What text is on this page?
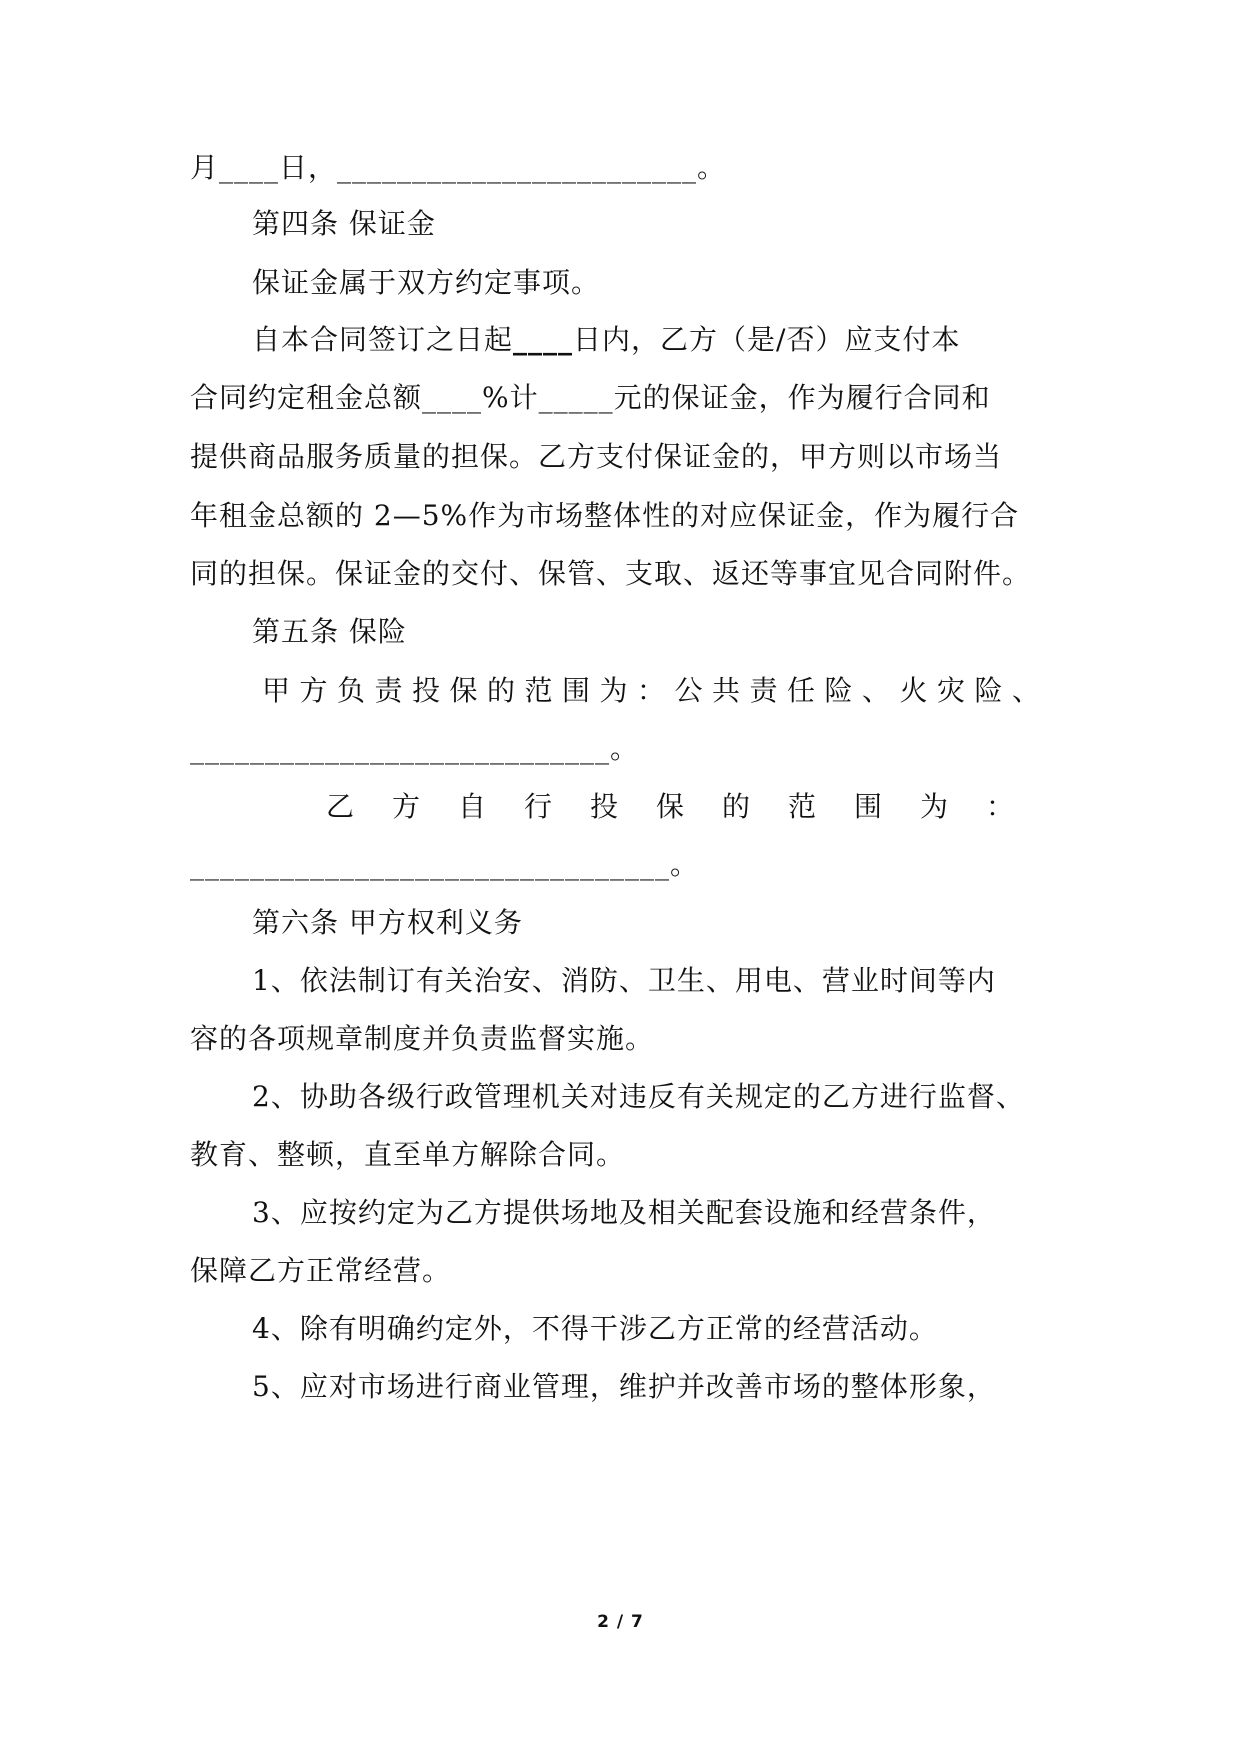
月____日，________________________。
第四条 保证金
保证金属于双方约定事项。
自本合同签订之日起____日内，乙方（是/否）应支付本
合同约定租金总额____%计_____元的保证金，作为履行合同和
提供商品服务质量的担保。乙方支付保证金的，甲方则以市场当
年租金总额的 2—5%作为市场整体性的对应保证金，作为履行合
同的担保。保证金的交付、保管、支取、返还等事宜见合同附件。
第五条 保险
甲方负责投保的范围为：公共责任险、火灾险、
____________________________。
乙方自行投保的范围为：
________________________________。
第六条 甲方权利义务
1、依法制订有关治安、消防、卫生、用电、营业时间等内
容的各项规章制度并负责监督实施。
2、协助各级行政管理机关对违反有关规定的乙方进行监督、
教育、整顿，直至单方解除合同。
3、应按约定为乙方提供场地及相关配套设施和经营条件，
保障乙方正常经营。
4、除有明确约定外，不得干涉乙方正常的经营活动。
5、应对市场进行商业管理，维护并改善市场的整体形象，
2 / 7
